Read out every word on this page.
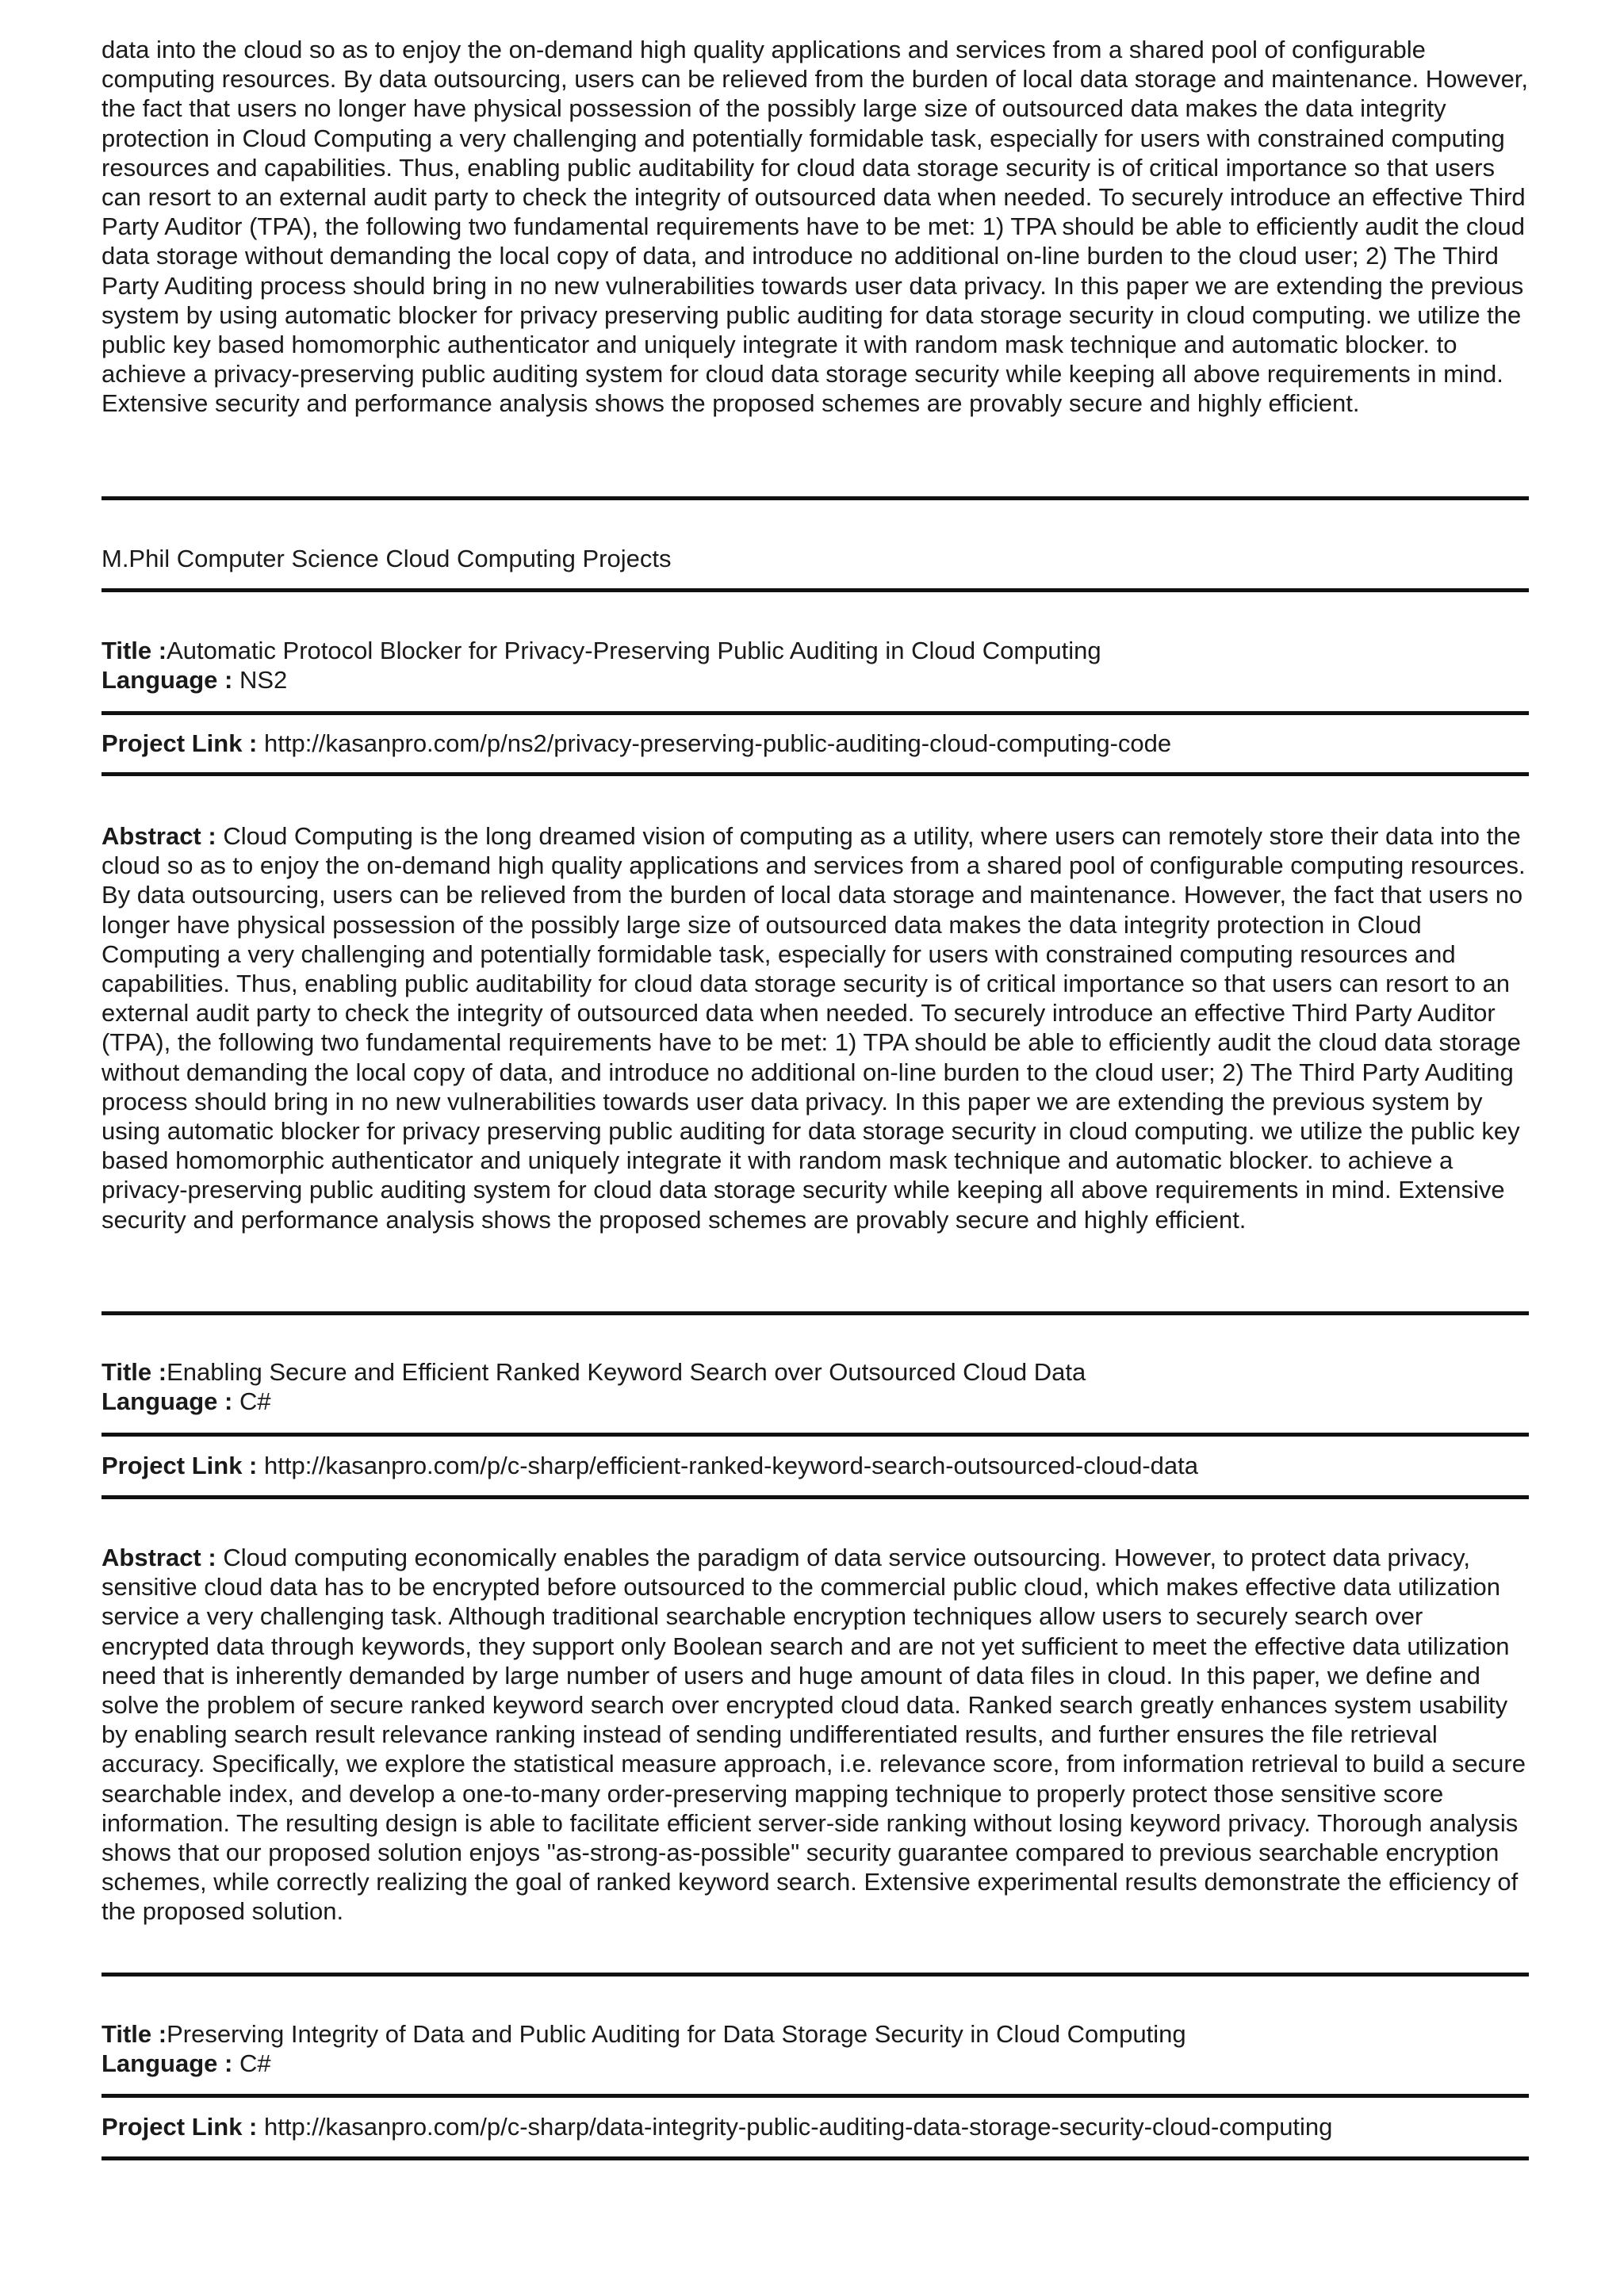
data into the cloud so as to enjoy the on-demand high quality applications and services from a shared pool of configurable computing resources. By data outsourcing, users can be relieved from the burden of local data storage and maintenance. However, the fact that users no longer have physical possession of the possibly large size of outsourced data makes the data integrity protection in Cloud Computing a very challenging and potentially formidable task, especially for users with constrained computing resources and capabilities. Thus, enabling public auditability for cloud data storage security is of critical importance so that users can resort to an external audit party to check the integrity of outsourced data when needed. To securely introduce an effective Third Party Auditor (TPA), the following two fundamental requirements have to be met: 1) TPA should be able to efficiently audit the cloud data storage without demanding the local copy of data, and introduce no additional on-line burden to the cloud user; 2) The Third Party Auditing process should bring in no new vulnerabilities towards user data privacy. In this paper we are extending the previous system by using automatic blocker for privacy preserving public auditing for data storage security in cloud computing. we utilize the public key based homomorphic authenticator and uniquely integrate it with random mask technique and automatic blocker. to achieve a privacy-preserving public auditing system for cloud data storage security while keeping all above requirements in mind. Extensive security and performance analysis shows the proposed schemes are provably secure and highly efficient.

M.Phil Computer Science Cloud Computing Projects

Title :Automatic Protocol Blocker for Privacy-Preserving Public Auditing in Cloud Computing

Language : NS2

Project Link : http://kasanpro.com/p/ns2/privacy-preserving-public-auditing-cloud-computing-code

Abstract : Cloud Computing is the long dreamed vision of computing as a utility, where users can remotely store their data into the cloud so as to enjoy the on-demand high quality applications and services from a shared pool of configurable computing resources. By data outsourcing, users can be relieved from the burden of local data storage and maintenance. However, the fact that users no longer have physical possession of the possibly large size of outsourced data makes the data integrity protection in Cloud Computing a very challenging and potentially formidable task, especially for users with constrained computing resources and capabilities. Thus, enabling public auditability for cloud data storage security is of critical importance so that users can resort to an external audit party to check the integrity of outsourced data when needed. To securely introduce an effective Third Party Auditor (TPA), the following two fundamental requirements have to be met: 1) TPA should be able to efficiently audit the cloud data storage without demanding the local copy of data, and introduce no additional on-line burden to the cloud user; 2) The Third Party Auditing process should bring in no new vulnerabilities towards user data privacy. In this paper we are extending the previous system by using automatic blocker for privacy preserving public auditing for data storage security in cloud computing. we utilize the public key based homomorphic authenticator and uniquely integrate it with random mask technique and automatic blocker. to achieve a privacy-preserving public auditing system for cloud data storage security while keeping all above requirements in mind. Extensive security and performance analysis shows the proposed schemes are provably secure and highly efficient.

Title :Enabling Secure and Efficient Ranked Keyword Search over Outsourced Cloud Data

Language : C#

Project Link : http://kasanpro.com/p/c-sharp/efficient-ranked-keyword-search-outsourced-cloud-data

Abstract : Cloud computing economically enables the paradigm of data service outsourcing. However, to protect data privacy, sensitive cloud data has to be encrypted before outsourced to the commercial public cloud, which makes effective data utilization service a very challenging task. Although traditional searchable encryption techniques allow users to securely search over encrypted data through keywords, they support only Boolean search and are not yet sufficient to meet the effective data utilization need that is inherently demanded by large number of users and huge amount of data files in cloud. In this paper, we define and solve the problem of secure ranked keyword search over encrypted cloud data. Ranked search greatly enhances system usability by enabling search result relevance ranking instead of sending undifferentiated results, and further ensures the file retrieval accuracy. Specifically, we explore the statistical measure approach, i.e. relevance score, from information retrieval to build a secure searchable index, and develop a one-to-many order-preserving mapping technique to properly protect those sensitive score information. The resulting design is able to facilitate efficient server-side ranking without losing keyword privacy. Thorough analysis shows that our proposed solution enjoys "as-strong-as-possible" security guarantee compared to previous searchable encryption schemes, while correctly realizing the goal of ranked keyword search. Extensive experimental results demonstrate the efficiency of the proposed solution.

Title :Preserving Integrity of Data and Public Auditing for Data Storage Security in Cloud Computing

Language : C#

Project Link : http://kasanpro.com/p/c-sharp/data-integrity-public-auditing-data-storage-security-cloud-computing
